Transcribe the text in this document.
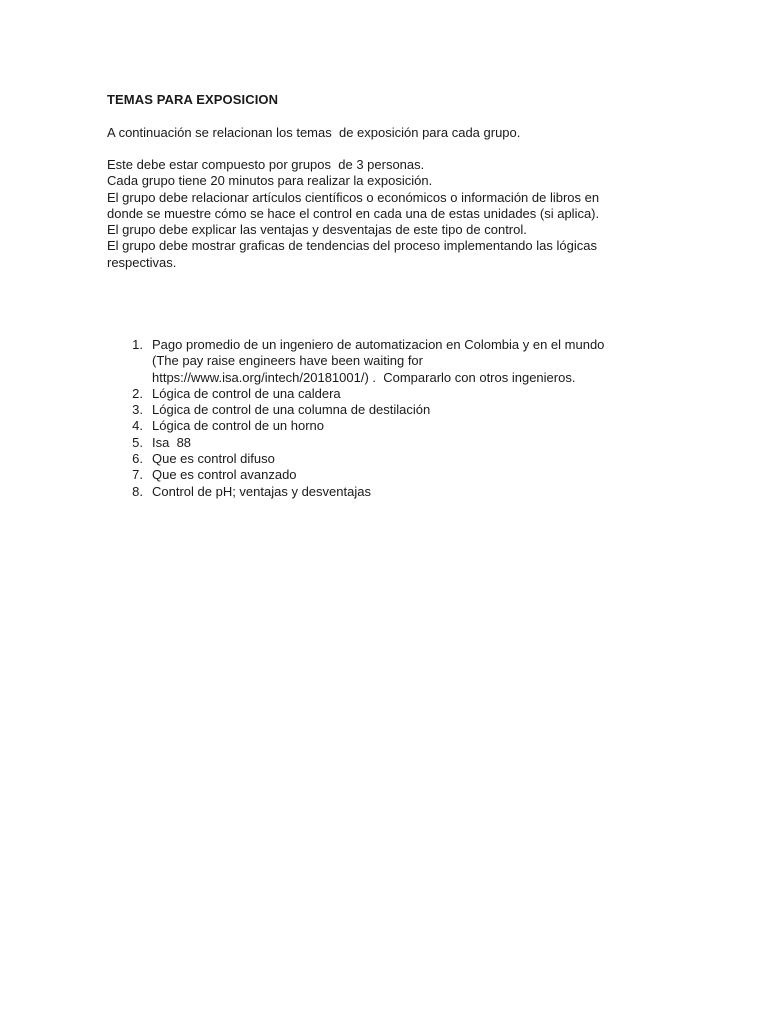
TEMAS PARA EXPOSICION
A continuación se relacionan los temas  de exposición para cada grupo.
Este debe estar compuesto por grupos  de 3 personas.
Cada grupo tiene 20 minutos para realizar la exposición.
El grupo debe relacionar artículos científicos o económicos o información de libros en
donde se muestre cómo se hace el control en cada una de estas unidades (si aplica).
El grupo debe explicar las ventajas y desventajas de este tipo de control.
El grupo debe mostrar graficas de tendencias del proceso implementando las lógicas
respectivas.
1. Pago promedio de un ingeniero de automatizacion en Colombia y en el mundo
(The pay raise engineers have been waiting for
https://www.isa.org/intech/20181001/) .  Compararlo con otros ingenieros.
2. Lógica de control de una caldera
3. Lógica de control de una columna de destilación
4. Lógica de control de un horno
5. Isa  88
6. Que es control difuso
7. Que es control avanzado
8. Control de pH; ventajas y desventajas
